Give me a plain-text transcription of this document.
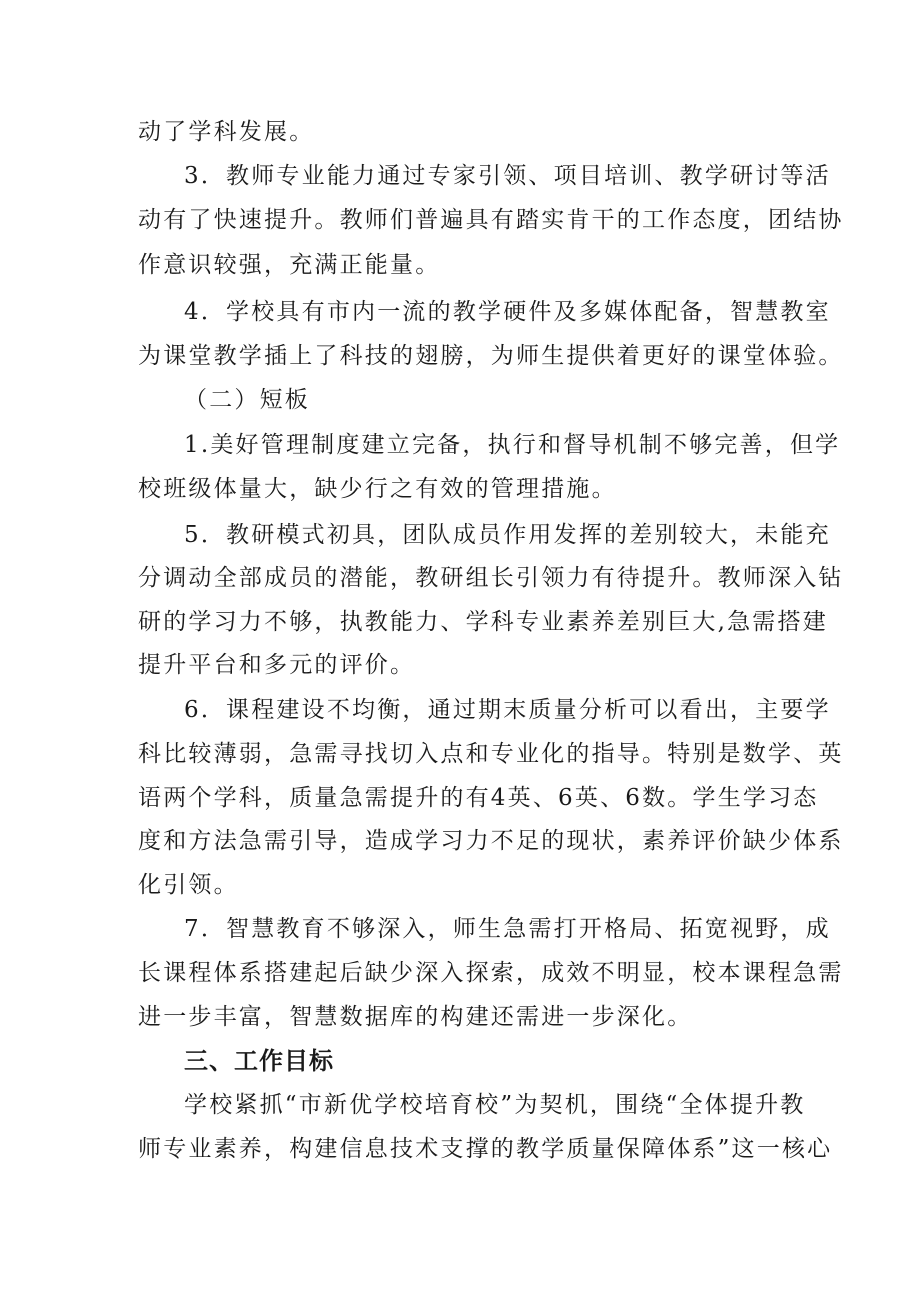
动了学科发展。
3．教师专业能力通过专家引领、项目培训、教学研讨等活
动有了快速提升。教师们普遍具有踏实肯干的工作态度，团结协
作意识较强，充满正能量。
4．学校具有市内一流的教学硬件及多媒体配备，智慧教室
为课堂教学插上了科技的翅膀，为师生提供着更好的课堂体验。
（二）短板
1.美好管理制度建立完备，执行和督导机制不够完善，但学
校班级体量大，缺少行之有效的管理措施。
5．教研模式初具，团队成员作用发挥的差别较大，未能充
分调动全部成员的潜能，教研组长引领力有待提升。教师深入钻
研的学习力不够，执教能力、学科专业素养差别巨大,急需搭建
提升平台和多元的评价。
6．课程建设不均衡，通过期末质量分析可以看出，主要学
科比较薄弱，急需寻找切入点和专业化的指导。特别是数学、英
语两个学科，质量急需提升的有4英、6英、6数。学生学习态
度和方法急需引导，造成学习力不足的现状，素养评价缺少体系
化引领。
7．智慧教育不够深入，师生急需打开格局、拓宽视野，成
长课程体系搭建起后缺少深入探索，成效不明显，校本课程急需
进一步丰富，智慧数据库的构建还需进一步深化。
三、工作目标
学校紧抓“市新优学校培育校”为契机，围绕“全体提升教
师专业素养，构建信息技术支撑的教学质量保障体系”这一核心
